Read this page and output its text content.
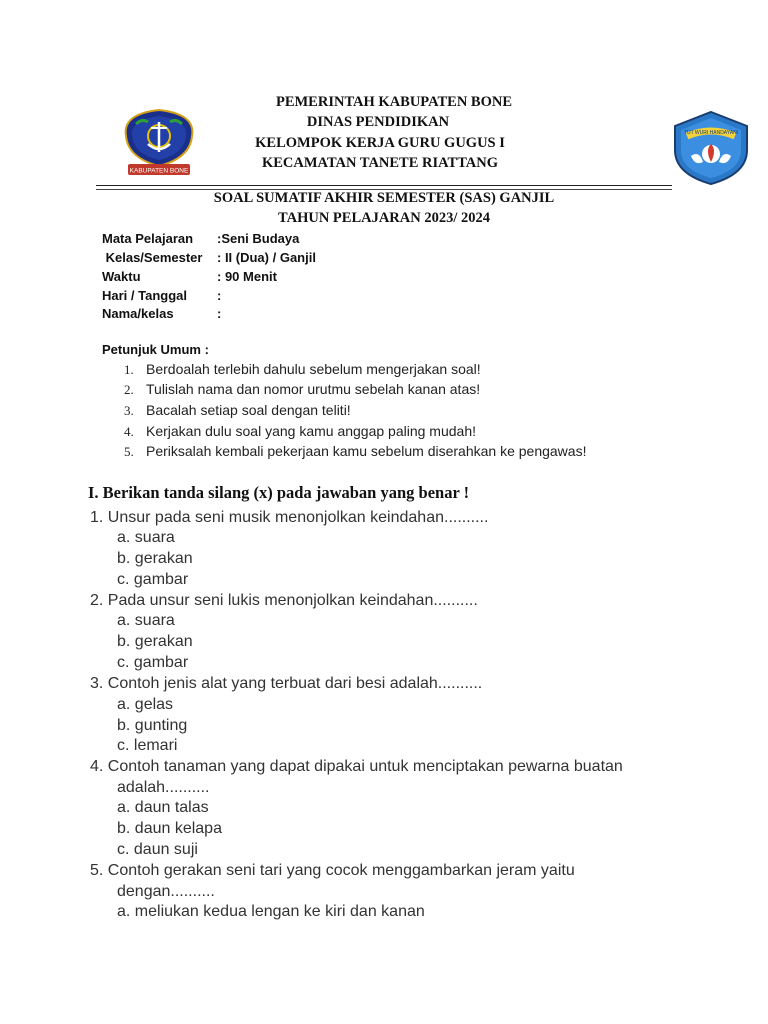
KABUPATEN BONE
TUT WURI HANDAYANI
PEMERINTAH KABUPATEN BONE
DINAS PENDIDIKAN
KELOMPOK KERJA GURU GUGUS I
KECAMATAN TANETE RIATTANG
SOAL SUMATIF AKHIR SEMESTER (SAS) GANJIL
TAHUN PELAJARAN 2023/ 2024
Mata Pelajaran :Seni Budaya
Kelas/Semester : II (Dua) / Ganjil
Waktu	: 90 Menit
Hari / Tanggal :
Nama/kelas	:
Petunjuk Umum :
1. Berdoalah terlebih dahulu sebelum mengerjakan soal!
2. Tulislah nama dan nomor urutmu sebelah kanan atas!
3. Bacalah setiap soal dengan teliti!
4. Kerjakan dulu soal yang kamu anggap paling mudah!
5. Periksalah kembali pekerjaan kamu sebelum diserahkan ke pengawas!
I. Berikan tanda silang (x) pada jawaban yang benar !
1. Unsur pada seni musik menonjolkan keindahan..........
a. suara
b. gerakan
c. gambar
2. Pada unsur seni lukis menonjolkan keindahan..........
a. suara
b. gerakan
c. gambar
3. Contoh jenis alat yang terbuat dari besi adalah..........
a. gelas
b. gunting
c. lemari
4. Contoh tanaman yang dapat dipakai untuk menciptakan pewarna buatan
adalah..........
a. daun talas
b. daun kelapa
c. daun suji
5. Contoh gerakan seni tari yang cocok menggambarkan jeram yaitu
dengan..........
a. meliukan kedua lengan ke kiri dan kanan
